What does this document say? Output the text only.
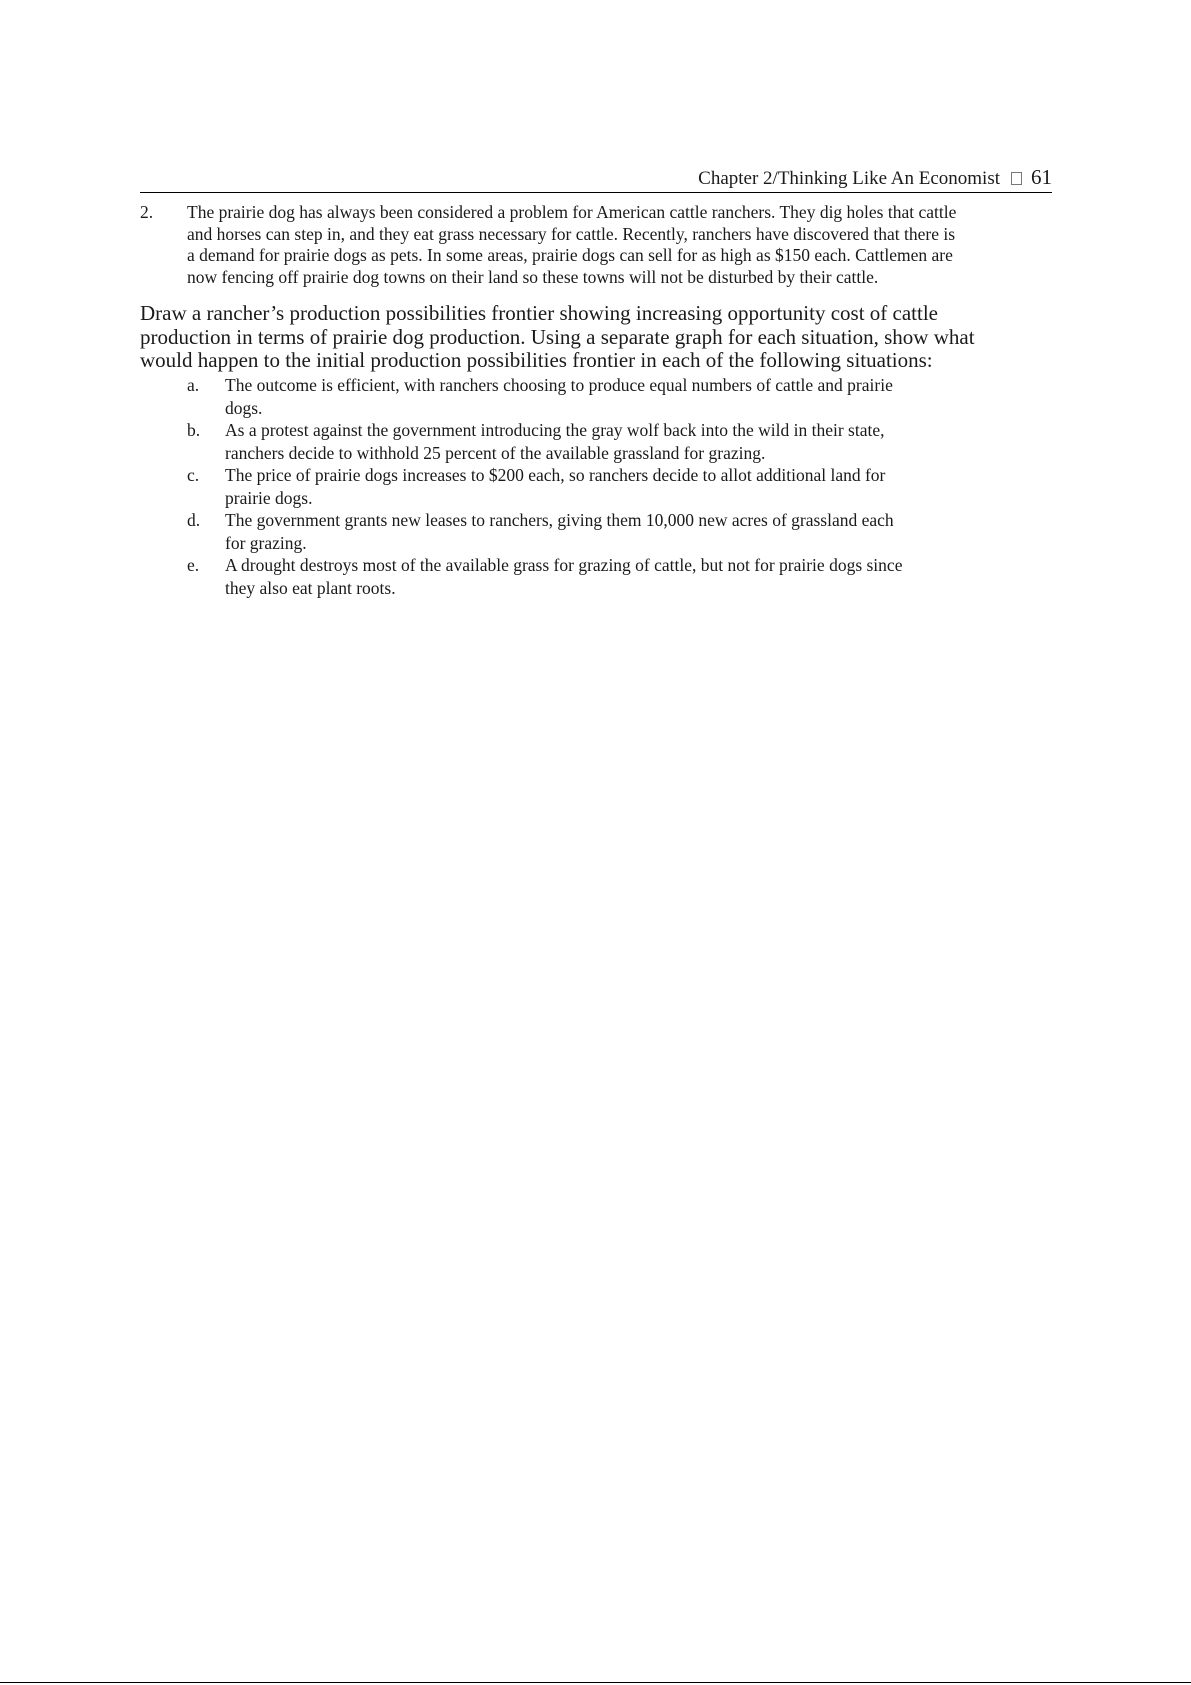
Chapter 2/Thinking Like An Economist 61
2. The prairie dog has always been considered a problem for American cattle ranchers. They dig holes that cattle
and horses can step in, and they eat grass necessary for cattle. Recently, ranchers have discovered that there is
a demand for prairie dogs as pets. In some areas, prairie dogs can sell for as high as $150 each. Cattlemen are
now fencing off prairie dog towns on their land so these towns will not be disturbed by their cattle.
Draw a rancher’s production possibilities frontier showing increasing opportunity cost of cattle
production in terms of prairie dog production. Using a separate graph for each situation, show what
would happen to the initial production possibilities frontier in each of the following situations:
a. The outcome is efficient, with ranchers choosing to produce equal numbers of cattle and prairie
dogs.
b. As a protest against the government introducing the gray wolf back into the wild in their state,
ranchers decide to withhold 25 percent of the available grassland for grazing.
c. The price of prairie dogs increases to $200 each, so ranchers decide to allot additional land for
prairie dogs.
d. The government grants new leases to ranchers, giving them 10,000 new acres of grassland each
for grazing.
e. A drought destroys most of the available grass for grazing of cattle, but not for prairie dogs since
they also eat plant roots.
